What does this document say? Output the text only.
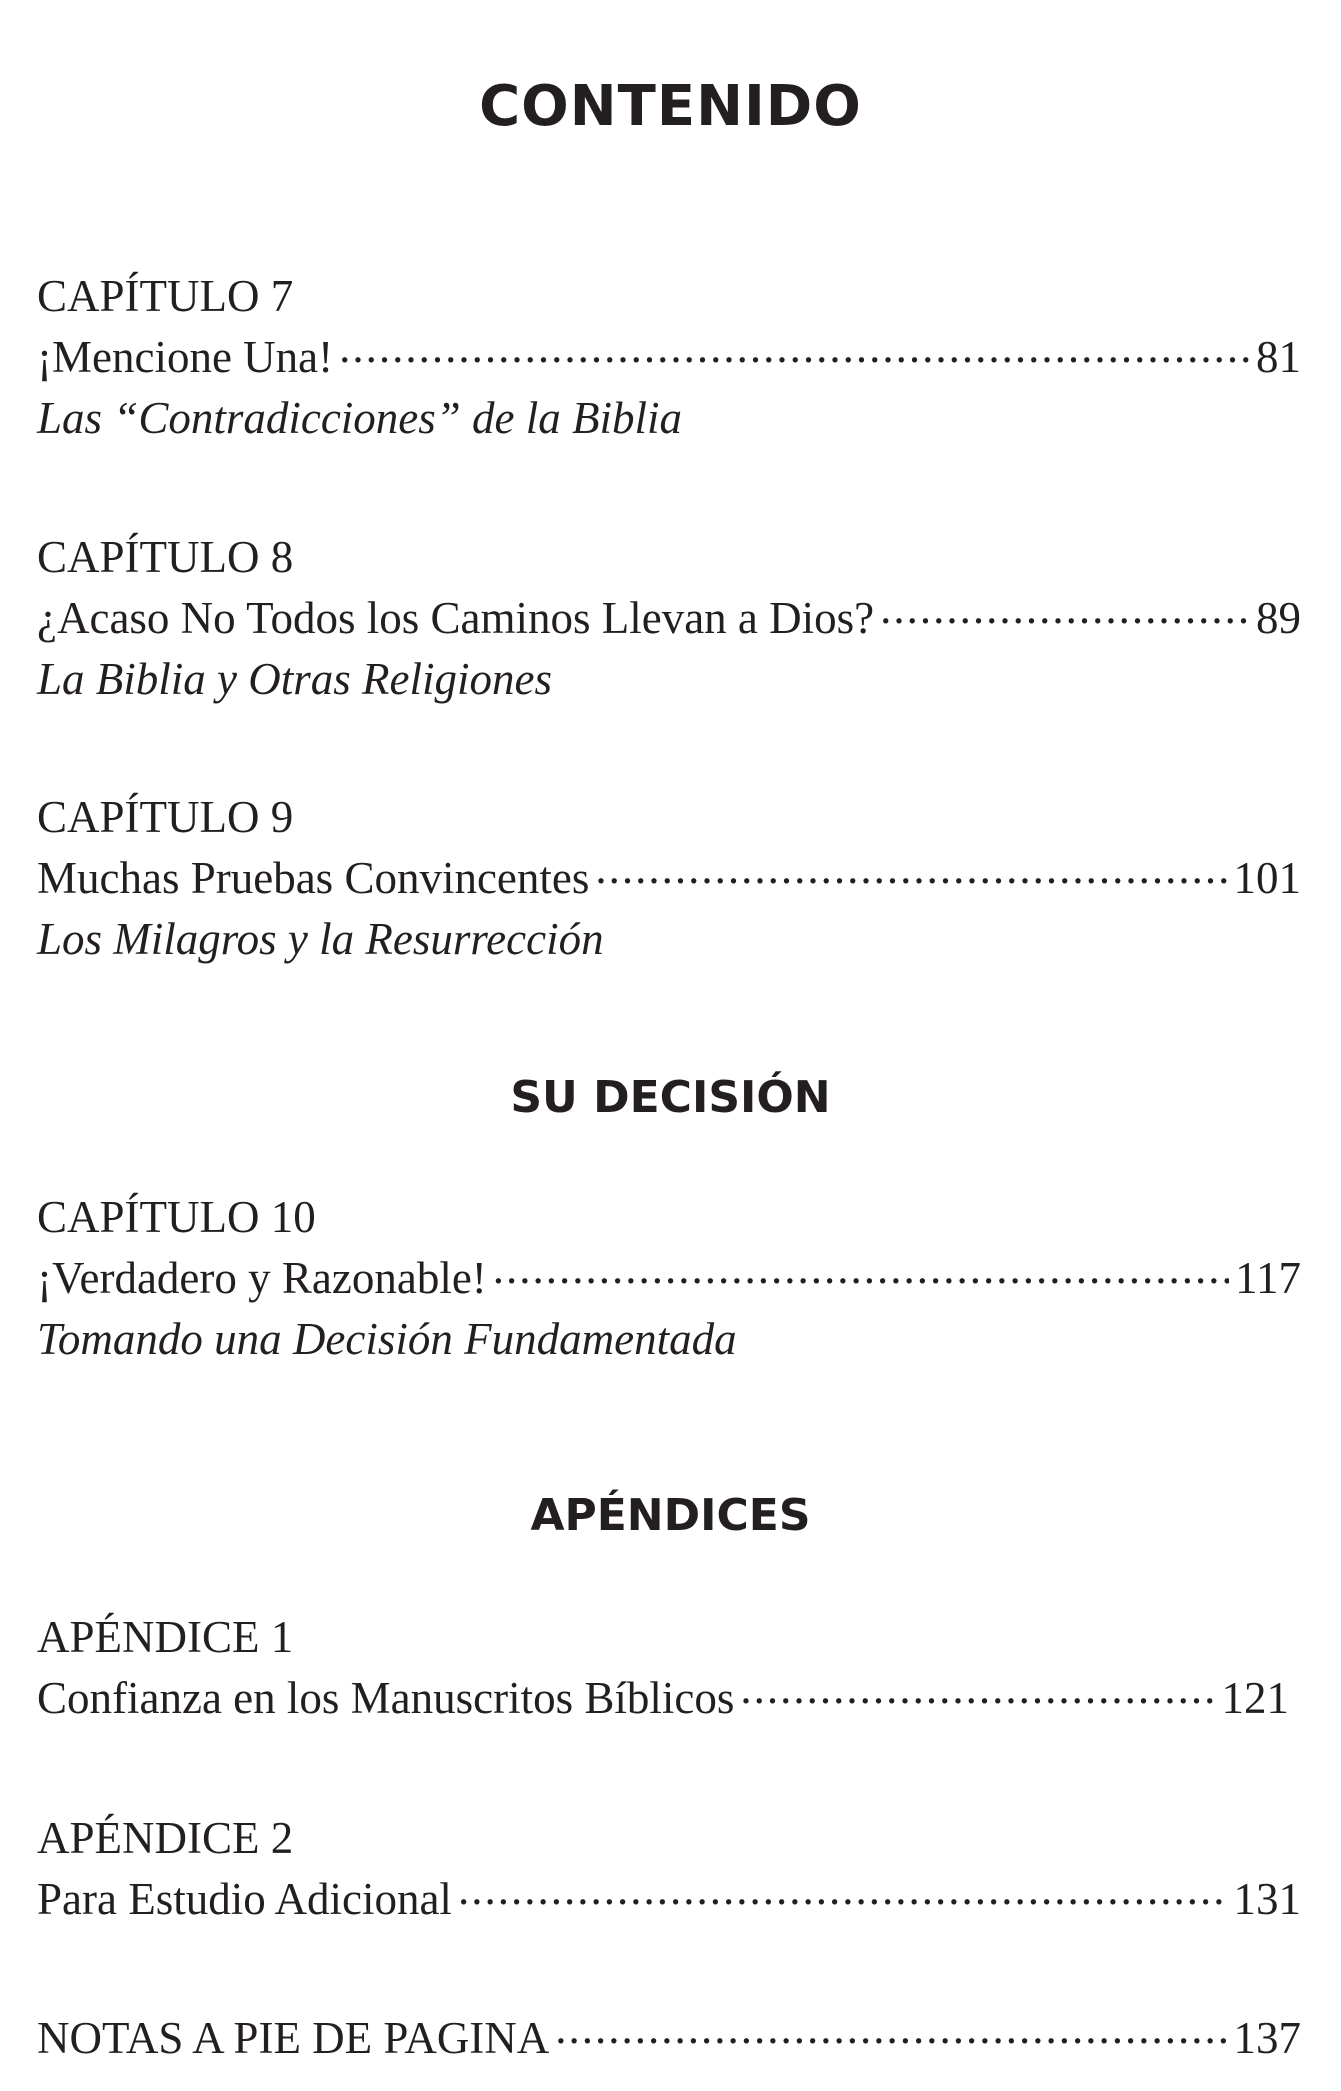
CONTENIDO
CAPÍTULO 7
¡Mencione Una! .....	81
Las “Contradicciones” de la Biblia
CAPÍTULO 8
¿Acaso No Todos los Caminos Llevan a Dios? .....	89
La Biblia y Otras Religiones
CAPÍTULO 9
Muchas Pruebas Convincentes .....	101
Los Milagros y la Resurrección
SU DECISIÓN
CAPÍTULO 10
¡Verdadero y Razonable! .....	117
Tomando una Decisión Fundamentada
APÉNDICES
APÉNDICE 1
Confianza en los Manuscritos Bíblicos .....	121
APÉNDICE 2
Para Estudio Adicional .....	131
NOTAS A PIE DE PAGINA .....	137
